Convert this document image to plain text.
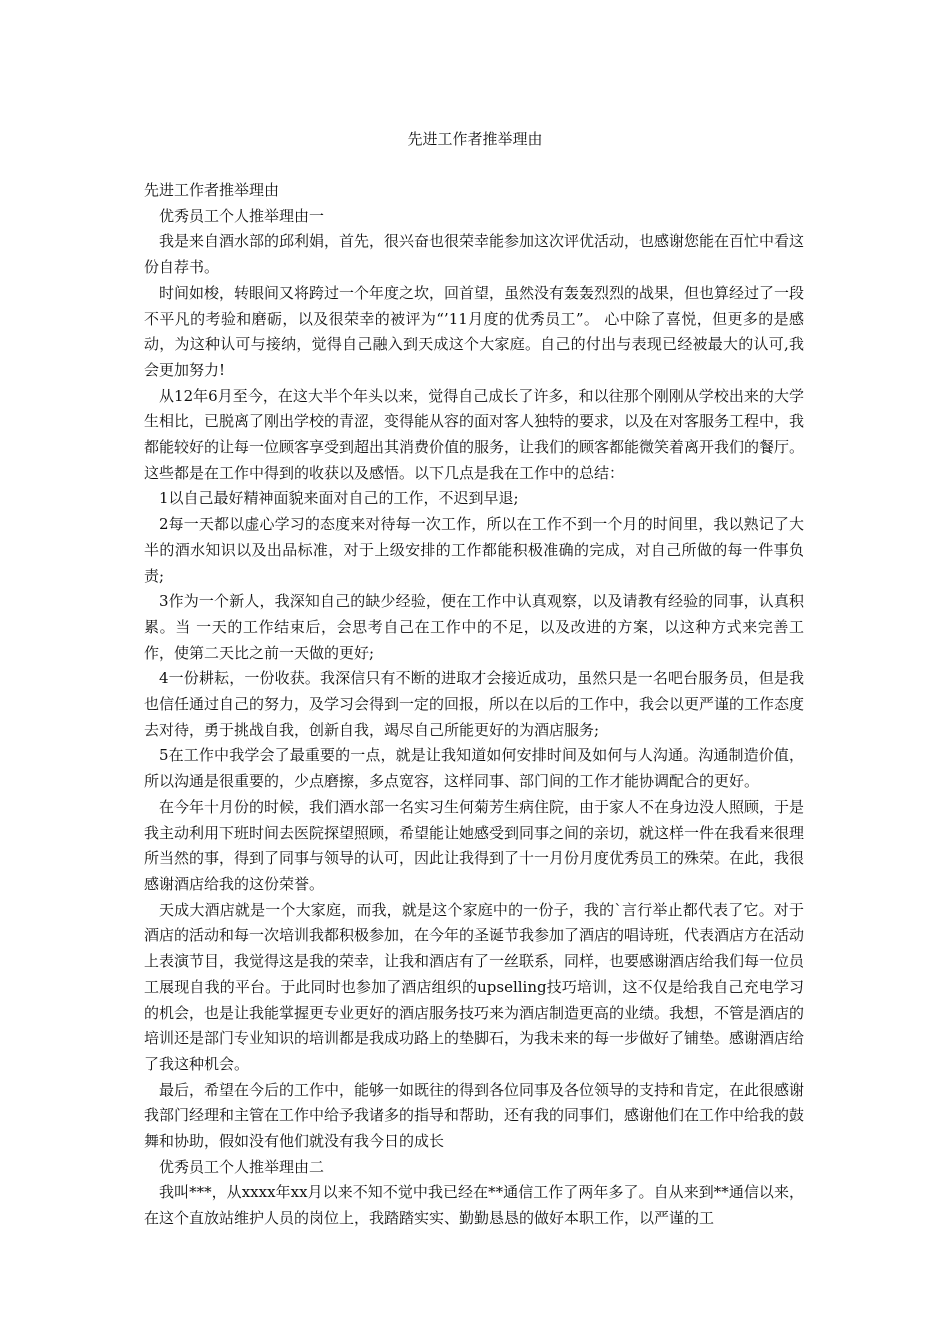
先进工作者推举理由

先进工作者推举理由

优秀员工个人推举理由一

我是来自酒水部的邱利娟，首先，很兴奋也很荣幸能参加这次评优活动，也感谢您能在百忙中看这份自荐书。

时间如梭，转眼间又将跨过一个年度之坎，回首望，虽然没有轰轰烈烈的战果，但也算经过了一段不平凡的考验和磨砺，以及很荣幸的被评为“’11月度的优秀员工”。 心中除了喜悦，但更多的是感动，为这种认可与接纳，觉得自己融入到天成这个大家庭。自己的付出与表现已经被最大的认可,我会更加努力!

从12年6月至今，在这大半个年头以来，觉得自己成长了许多，和以往那个刚刚从学校出来的大学生相比，已脱离了刚出学校的青涩，变得能从容的面对客人独特的要求，以及在对客服务工程中，我都能较好的让每一位顾客享受到超出其消费价值的服务，让我们的顾客都能微笑着离开我们的餐厅。这些都是在工作中得到的收获以及感悟。以下几点是我在工作中的总结：

1以自己最好精神面貌来面对自己的工作，不迟到早退;

2每一天都以虚心学习的态度来对待每一次工作，所以在工作不到一个月的时间里，我以熟记了大半的酒水知识以及出品标准，对于上级安排的工作都能积极准确的完成，对自己所做的每一件事负责;

3作为一个新人，我深知自己的缺少经验，便在工作中认真观察，以及请教有经验的同事，认真积累。当 一天的工作结束后，会思考自己在工作中的不足，以及改进的方案，以这种方式来完善工作，使第二天比之前一天做的更好;

4一份耕耘，一份收获。我深信只有不断的进取才会接近成功，虽然只是一名吧台服务员，但是我也信任通过自己的努力，及学习会得到一定的回报，所以在以后的工作中，我会以更严谨的工作态度去对待，勇于挑战自我，创新自我，竭尽自己所能更好的为酒店服务;

5在工作中我学会了最重要的一点，就是让我知道如何安排时间及如何与人沟通。沟通制造价值，所以沟通是很重要的，少点磨擦，多点宽容，这样同事、部门间的工作才能协调配合的更好。

在今年十月份的时候，我们酒水部一名实习生何菊芳生病住院，由于家人不在身边没人照顾，于是我主动利用下班时间去医院探望照顾，希望能让她感受到同事之间的亲切，就这样一件在我看来很理所当然的事，得到了同事与领导的认可，因此让我得到了十一月份月度优秀员工的殊荣。在此，我很感谢酒店给我的这份荣誉。

天成大酒店就是一个大家庭，而我，就是这个家庭中的一份子，我的`言行举止都代表了它。对于酒店的活动和每一次培训我都积极参加，在今年的圣诞节我参加了酒店的唱诗班，代表酒店方在活动上表演节目，我觉得这是我的荣幸，让我和酒店有了一丝联系，同样，也要感谢酒店给我们每一位员工展现自我的平台。于此同时也参加了酒店组织的upselling技巧培训，这不仅是给我自己充电学习的机会，也是让我能掌握更专业更好的酒店服务技巧来为酒店制造更高的业绩。我想，不管是酒店的培训还是部门专业知识的培训都是我成功路上的垫脚石，为我未来的每一步做好了铺垫。感谢酒店给了我这种机会。

最后，希望在今后的工作中，能够一如既往的得到各位同事及各位领导的支持和肯定，在此很感谢我部门经理和主管在工作中给予我诸多的指导和帮助，还有我的同事们，感谢他们在工作中给我的鼓舞和协助，假如没有他们就没有我今日的成长

优秀员工个人推举理由二

我叫***，从xxxx年xx月以来不知不觉中我已经在**通信工作了两年多了。自从来到**通信以来，在这个直放站维护人员的岗位上，我踏踏实实、勤勤恳恳的做好本职工作，以严谨的工
